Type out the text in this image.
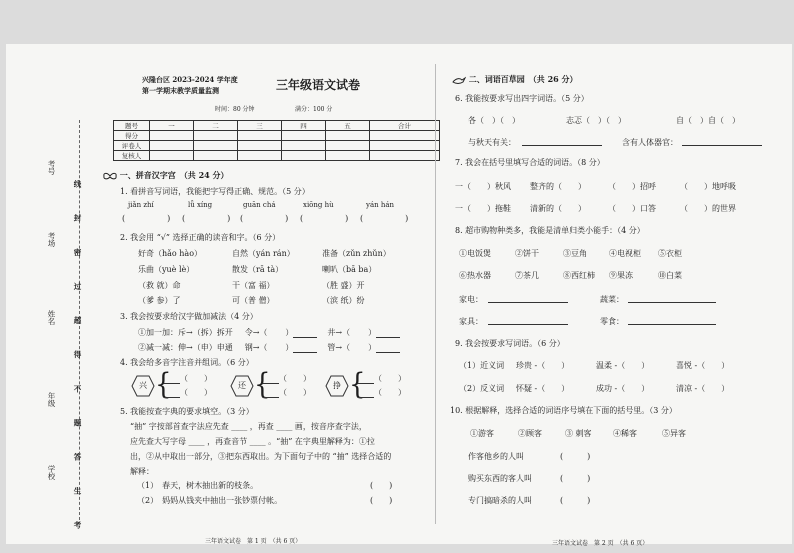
考号
考场
姓名
年级
学校 线 封 密 过 超 得 不 题 答 生 考
兴隆台区 2023-2024 学年度
第一学期末教学质量监测	三年级语文试卷
时间：80 分钟	满分：100 分
题号	一	二	三	四	五	合计
得分						
评卷人						
复核人						
一、拼音汉字宫　（共 24 分）
1. 看拼音写词语，我能把字写得正确、规范。（5 分）
jiǎn zhí	lǚ xíng	guān chá	xiōng hù	yán hán
(	) (	) (	) (	) (	)
2. 我会用 “√” 选择正确的读音和字。（6 分）
好奇（hǎo hào）	自然（yán rán）	准备（zǔn zhǔn）
乐曲（yuè lè）	散发（rā tà）	喇叭（bā ba）
（救 就）命	干（富 福）	（胜 盛）开
（爹 参）了	可（普 僧）	（滨 纸）纷
3. 我会按要求给汉字做加减法（4 分）
①加一加：斥→（拆）拆开 令→（ ）	井→（ ）
②减一减：伸→（申）申通 钢→（ ）	管→（ ）
4. 我会给多音字注音并组词。（6 分）
兴 {	（　　）
（　　）
还 {	（　　）
（　　）
挣 {	（　　）
（　　）
5. 我能按查字典的要求填空。（3 分）
“抽” 字按部首查字法应先查 ____ ，再查 ____ 画，按音序查字法，
应先查大写字母 ____ ，再查音节 ____ 。“抽” 在字典里解释为：①拉
出，②从中取出一部分，③把东西取出。为下面句子中的 “抽” 选择合适的
解释：
（1）　春天，树木抽出新的枝条。	(　　)
（2）　妈妈从钱夹中抽出一张钞票付帐。	(　　)
三年语文试卷　第 1 页　（共 6 页）
二、词语百草园　（共 26 分）
6. 我能按要求写出四字词语。（5 分）
各（　）（　）	志忑（　）（　）	自（　）自（　）
与秋天有关：	含有人体器官：
7. 我会在括号里填写合适的词语。（8 分）
一（　　）秋风 整齐的（　　）	（　　）招呼	（　　）地呼吸
一（　　）拖鞋 清新的（　　）	（　　）口答	（　　）的世界
8. 超市购物种类多，我能是清单归类小能手：（4 分）
①电饭煲	②饼干	③豆角	④电视柜 ⑤衣柜
⑥热水器	⑦茶几	⑧西红柿 ⑨果冻	⑩白菜
家电：	蔬菜：
家具：	零食：
9. 我会按要求写词语。（6 分）
（1）近义词 珍贵 -（　　）	温柔 -（　　）	喜悦 -（　　）
（2）反义词 怀疑 -（　　）	成功 -（　　）	清凉 -（　　）
10. 根据解释，选择合适的词语序号填在下面的括号里。（3 分）
①游客	②顾客	③ 刺客	④稀客	⑤异客
作客他乡的人叫	(　　　)
购买东西的客人叫	(　　　)
专门搞暗杀的人叫	(　　　)
三年语文试卷　第 2 页　（共 6 页）
